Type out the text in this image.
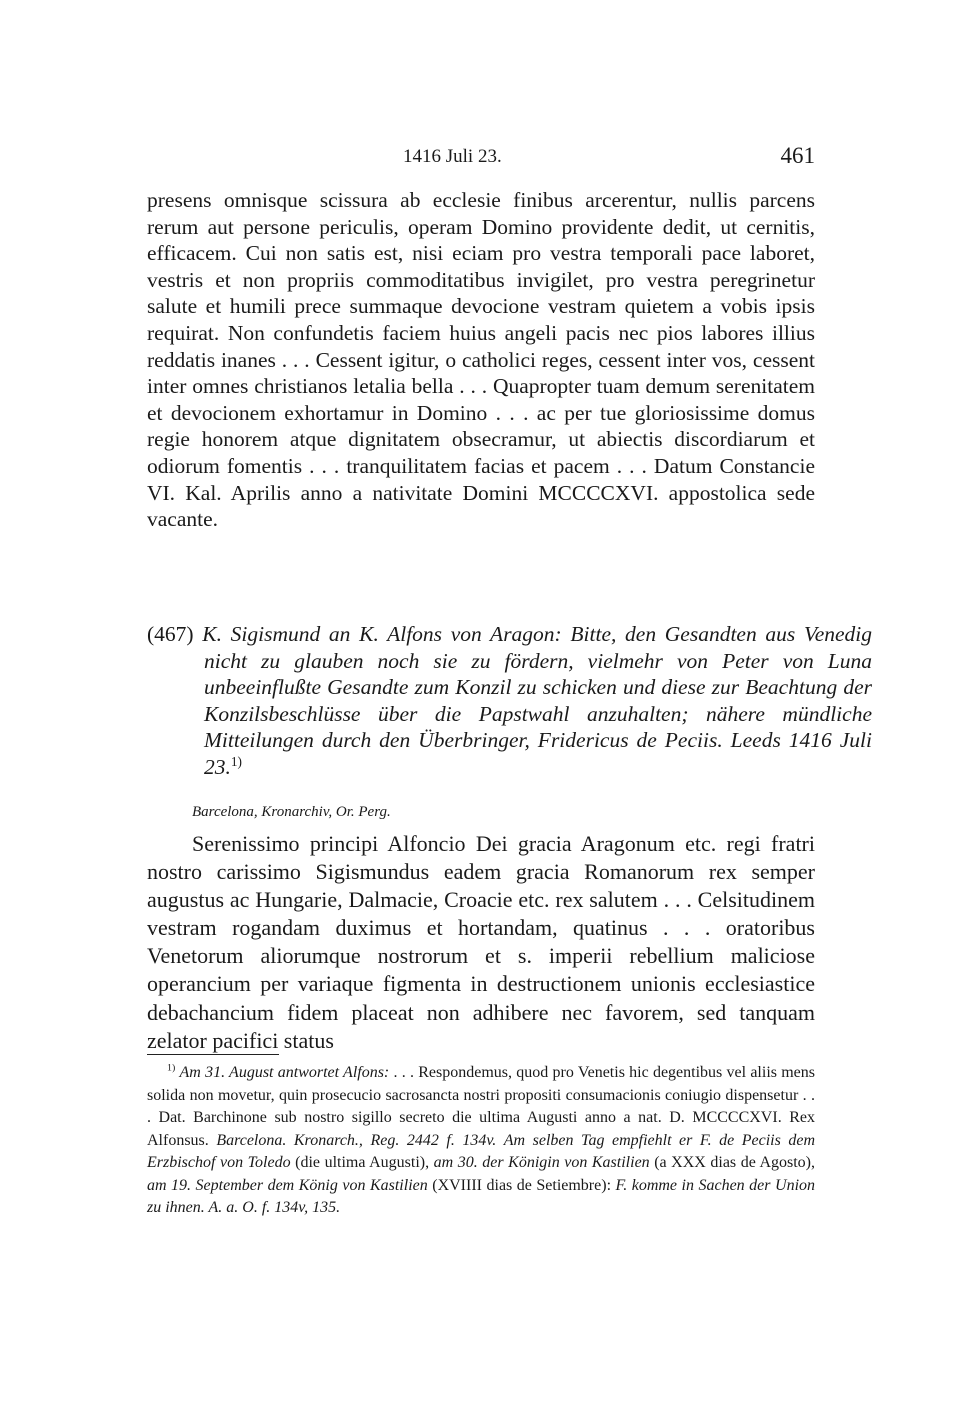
1416 Juli 23.	461

presens omnisque scissura ab ecclesie finibus arcerentur, nullis parcens rerum aut persone periculis, operam Domino providente dedit, ut cernitis, efficacem. Cui non satis est, nisi eciam pro vestra temporali pace laboret, vestris et non propriis commoditatibus invigilet, pro vestra peregrinetur salute et humili prece summaque devocione vestram quietem a vobis ipsis requirat. Non confundetis faciem huius angeli pacis nec pios labores illius reddatis inanes . . . Cessent igitur, o catholici reges, cessent inter vos, cessent inter omnes christianos letalia bella . . . Quapropter tuam demum serenitatem et devocionem exhortamur in Domino . . . ac per tue gloriosissime domus regie honorem atque dignitatem obsecramur, ut abiectis discordiarum et odiorum fomentis . . . tranquilitatem facias et pacem . . . Datum Constancie VI. Kal. Aprilis anno a nativitate Domini MCCCCXVI. appostolica sede vacante.

(467) K. Sigismund an K. Alfons von Aragon: Bitte, den Gesandten aus Venedig nicht zu glauben noch sie zu fördern, vielmehr von Peter von Luna unbeeinflußte Gesandte zum Konzil zu schicken und diese zur Beachtung der Konzilsbeschlüsse über die Papstwahl anzuhalten; nähere mündliche Mitteilungen durch den Überbringer, Fridericus de Peciis. Leeds 1416 Juli 23.$^{1)}$

Barcelona, Kronarchiv, Or. Perg.

Serenissimo principi Alfoncio Dei gracia Aragonum etc. regi fratri nostro carissimo Sigismundus eadem gracia Romanorum rex semper augustus ac Hungarie, Dalmacie, Croacie etc. rex salutem . . . Celsitudinem vestram rogandam duximus et hortandam, quatinus . . . oratoribus Venetorum aliorumque nostrorum et s. imperii rebellium maliciose operancium per variaque figmenta in destructionem unionis ecclesiastice debachancium fidem placeat non adhibere nec favorem, sed tanquam zelator pacifici status

$^{1)}$ Am 31. August antwortet Alfons: . . . Respondemus, quod pro Venetis hic degentibus vel aliis mens solida non movetur, quin prosecucio sacrosancta nostri propositi consumacionis coniugio dispensetur . . . Dat. Barchinone sub nostro sigillo secreto die ultima Augusti anno a nat. D. MCCCCXVI. Rex Alfonsus. Barcelona. Kronarch., Reg. 2442 f. 134v. Am selben Tag empfiehlt er F. de Peciis dem Erzbischof von Toledo (die ultima Augusti), am 30. der Königin von Kastilien (a XXX dias de Agosto), am 19. September dem König von Kastilien (XVIIII dias de Setiembre): F. komme in Sachen der Union zu ihnen. A. a. O. f. 134v, 135.
